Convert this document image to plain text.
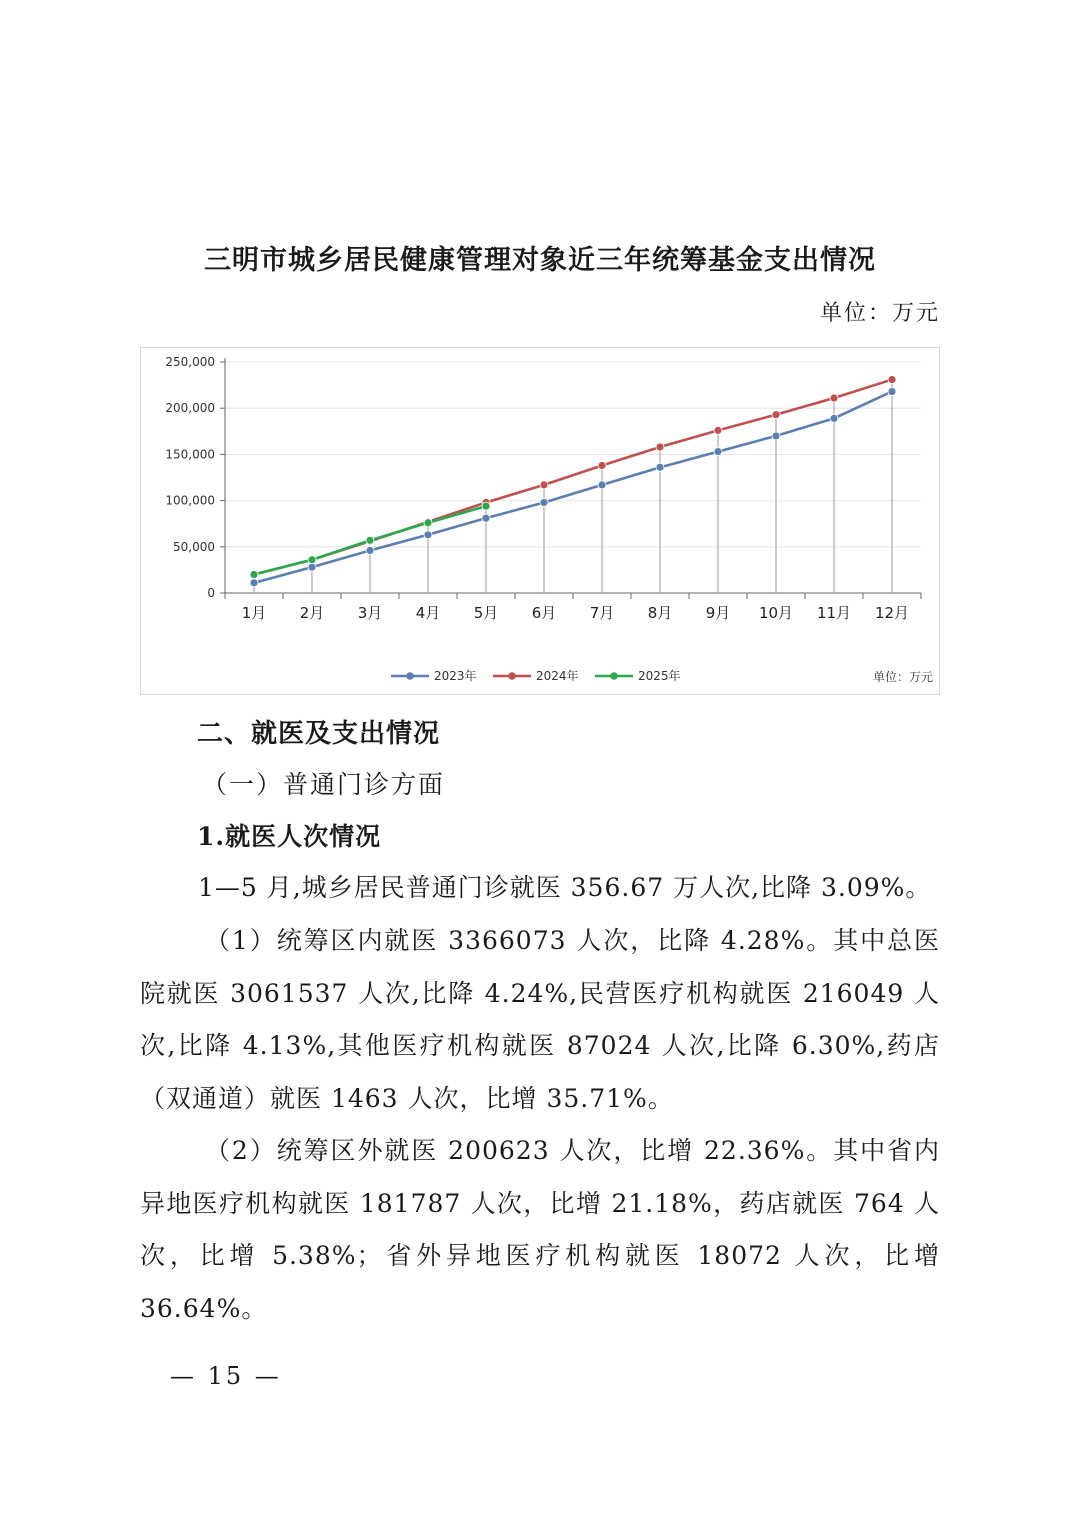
三明市城乡居民健康管理对象近三年统筹基金支出情况
单位：万元
0
50,000
100,000
150,000
200,000
250,000
1月 2月 3月 4月 5月 6月 7月 8月 9月 10月 11月 12月
2023年	2024年	2025年	单位：万元
二、就医及支出情况
（一）普通门诊方面
1.就医人次情况
1—5 月,城乡居民普通门诊就医 356.67 万人次,比降 3.09%。
（1）统筹区内就医 3366073 人次，比降 4.28%。其中总医院就医 3061537 人次,比降 4.24%,民营医疗机构就医 216049 人次,比降 4.13%,其他医疗机构就医 87024 人次,比降 6.30%,药店（双通道）就医 1463 人次，比增 35.71%。
（2）统筹区外就医 200623 人次，比增 22.36%。其中省内异地医疗机构就医 181787 人次，比增 21.18%，药店就医 764 人次，比增 5.38%；省外异地医疗机构就医 18072 人次，比增 36.64%。
— 15 —
